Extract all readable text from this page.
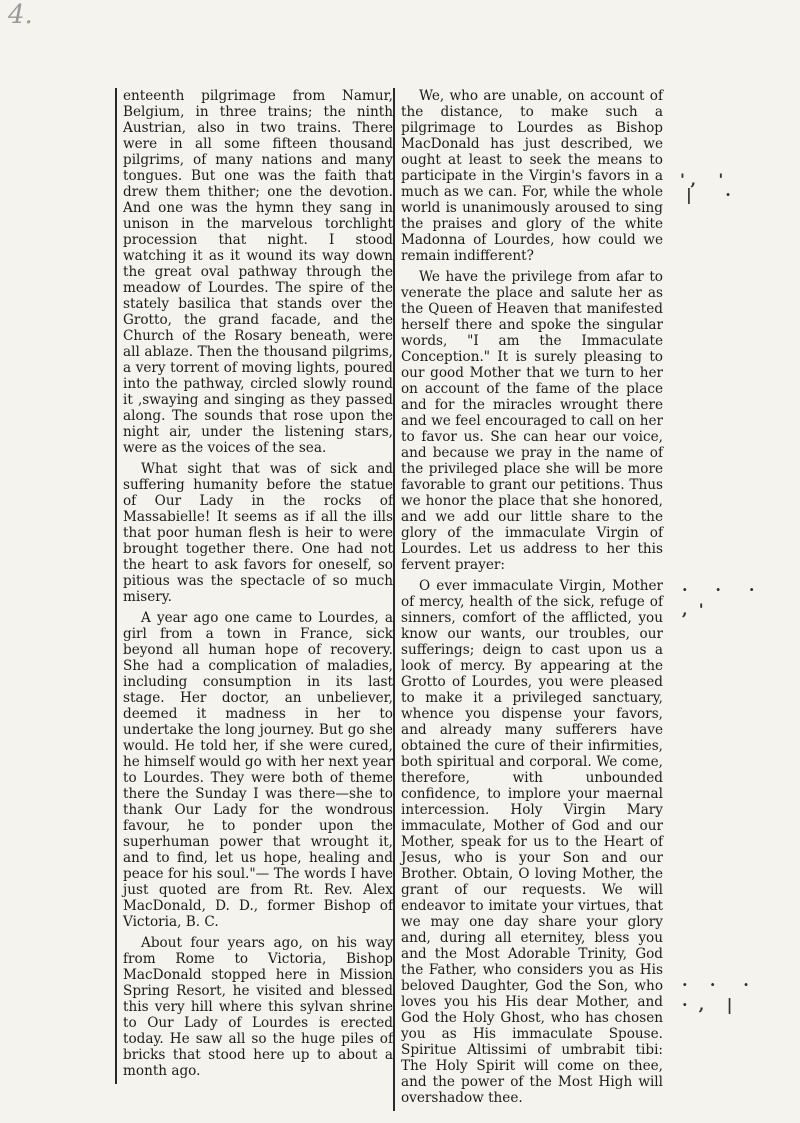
4.

enteenth pilgrimage from Namur, Belgium, in three trains; the ninth Austrian, also in two trains. There were in all some fifteen thousand pilgrims, of many nations and many tongues. But one was the faith that drew them thither; one the devotion. And one was the hymn they sang in unison in the marvelous torchlight procession that night. I stood watching it as it wound its way down the great oval pathway through the meadow of Lourdes. The spire of the stately basilica that stands over the Grotto, the grand facade, and the Church of the Rosary beneath, were all ablaze. Then the thousand pilgrims, a very torrent of moving lights, poured into the pathway, circled slowly round it ,swaying and singing as they passed along. The sounds that rose upon the night air, under the listening stars, were as the voices of the sea.

What sight that was of sick and suffering humanity before the statue of Our Lady in the rocks of Massabielle! It seems as if all the ills that poor human flesh is heir to were brought together there. One had not the heart to ask favors for oneself, so pitious was the spectacle of so much misery.

A year ago one came to Lourdes, a girl from a town in France, sick beyond all human hope of recovery. She had a complication of maladies, including consumption in its last stage. Her doctor, an unbeliever, deemed it madness in her to undertake the long journey. But go she would. He told her, if she were cured, he himself would go with her next year to Lourdes. They were both of theme there the Sunday I was there—she to thank Our Lady for the wondrous favour, he to ponder upon the superhuman power that wrought it, and to find, let us hope, healing and peace for his soul."— The words I have just quoted are from Rt. Rev. Alex MacDonald, D. D., former Bishop of Victoria, B. C.

About four years ago, on his way from Rome to Victoria, Bishop MacDonald stopped here in Mission Spring Resort, he visited and blessed this very hill where this sylvan shrine to Our Lady of Lourdes is erected today. He saw all so the huge piles of bricks that stood here up to about a month ago.

We, who are unable, on account of the distance, to make such a pilgrimage to Lourdes as Bishop MacDonald has just described, we ought at least to seek the means to participate in the Virgin's favors in a much as we can. For, while the whole world is unanimously aroused to sing the praises and glory of the white Madonna of Lourdes, how could we remain indifferent?

We have the privilege from afar to venerate the place and salute her as the Queen of Heaven that manifested herself there and spoke the singular words, "I am the Immaculate Conception." It is surely pleasing to our good Mother that we turn to her on account of the fame of the place and for the miracles wrought there and we feel encouraged to call on her to favor us. She can hear our voice, and because we pray in the name of the privileged place she will be more favorable to grant our petitions. Thus we honor the place that she honored, and we add our little share to the glory of the immaculate Virgin of Lourdes. Let us address to her this fervent prayer:

O ever immaculate Virgin, Mother of mercy, health of the sick, refuge of sinners, comfort of the afflicted, you know our wants, our troubles, our sufferings; deign to cast upon us a look of mercy. By appearing at the Grotto of Lourdes, you were pleased to make it a privileged sanctuary, whence you dispense your favors, and already many sufferers have obtained the cure of their infirmities, both spiritual and corporal. We come, therefore, with unbounded confidence, to implore your maernal intercession. Holy Virgin Mary immaculate, Mother of God and our Mother, speak for us to the Heart of Jesus, who is your Son and our Brother. Obtain, O loving Mother, the grant of our requests. We will endeavor to imitate your virtues, that we may one day share your glory and, during all eternitey, bless you and the Most Adorable Trinity, God the Father, who considers you as His beloved Daughter, God the Son, who loves you his His dear Mother, and God the Holy Ghost, who has chosen you as His immaculate Spouse. Spiritue Altissimi of umbrabit tibi: The Holy Spirit will come on thee, and the power of the Most High will overshadow thee.

' ,    '
|      ·
·     ·     ·
,  '
·    ·     ·
·  ,    |
